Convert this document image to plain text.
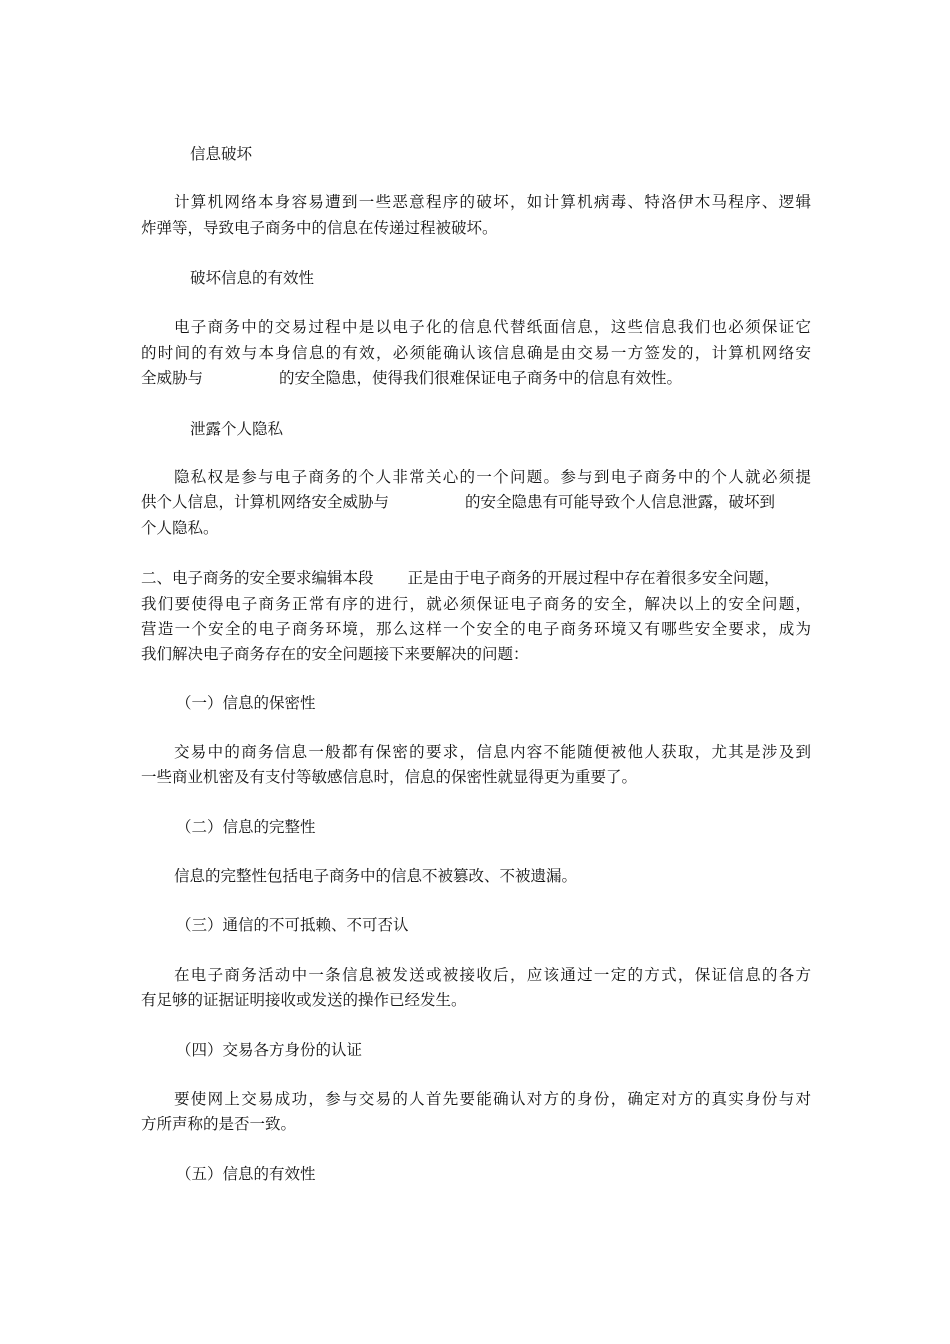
信息破坏
计算机网络本身容易遭到一些恶意程序的破坏，如计算机病毒、特洛伊木马程序、逻辑
炸弹等，导致电子商务中的信息在传递过程被破坏。
破坏信息的有效性
电子商务中的交易过程中是以电子化的信息代替纸面信息，这些信息我们也必须保证它
的时间的有效与本身信息的有效，必须能确认该信息确是由交易一方签发的，计算机网络安
全威胁与	的安全隐患，使得我们很难保证电子商务中的信息有效性。
泄露个人隐私
隐私权是参与电子商务的个人非常关心的一个问题。参与到电子商务中的个人就必须提
供个人信息，计算机网络安全威胁与	的安全隐患有可能导致个人信息泄露，破坏到
个人隐私。
二、电子商务的安全要求编辑本段 正是由于电子商务的开展过程中存在着很多安全问题，
我们要使得电子商务正常有序的进行，就必须保证电子商务的安全，解决以上的安全问题，
营造一个安全的电子商务环境，那么这样一个安全的电子商务环境又有哪些安全要求，成为
我们解决电子商务存在的安全问题接下来要解决的问题：
（一）信息的保密性
交易中的商务信息一般都有保密的要求，信息内容不能随便被他人获取，尤其是涉及到
一些商业机密及有支付等敏感信息时，信息的保密性就显得更为重要了。
（二）信息的完整性
信息的完整性包括电子商务中的信息不被篡改、不被遗漏。
（三）通信的不可抵赖、不可否认
在电子商务活动中一条信息被发送或被接收后，应该通过一定的方式，保证信息的各方
有足够的证据证明接收或发送的操作已经发生。
（四）交易各方身份的认证
要使网上交易成功，参与交易的人首先要能确认对方的身份，确定对方的真实身份与对
方所声称的是否一致。
（五）信息的有效性
